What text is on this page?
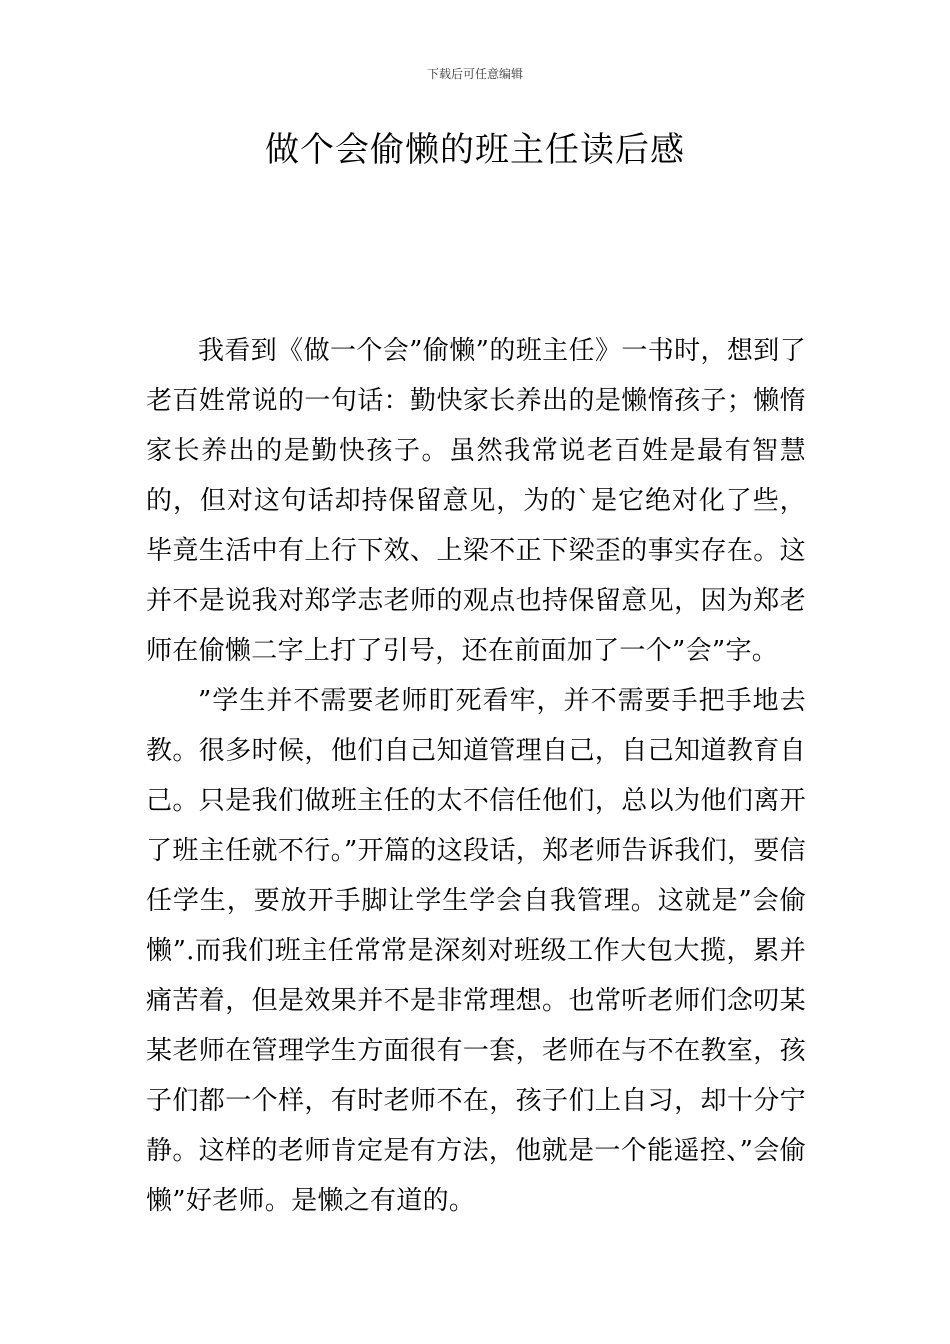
下载后可任意编辑
做个会偷懒的班主任读后感

我看到《做一个会”偷懒”的班主任》一书时，想到了老百姓常说的一句话：勤快家长养出的是懒惰孩子；懒惰家长养出的是勤快孩子。虽然我常说老百姓是最有智慧的，但对这句话却持保留意见，为的`是它绝对化了些，毕竟生活中有上行下效、上梁不正下梁歪的事实存在。这并不是说我对郑学志老师的观点也持保留意见，因为郑老师在偷懒二字上打了引号，还在前面加了一个”会”字。

”学生并不需要老师盯死看牢，并不需要手把手地去教。很多时候，他们自己知道管理自己，自己知道教育自己。只是我们做班主任的太不信任他们，总以为他们离开了班主任就不行。”开篇的这段话，郑老师告诉我们，要信任学生，要放开手脚让学生学会自我管理。这就是”会偷懒”.而我们班主任常常是深刻对班级工作大包大揽，累并痛苦着，但是效果并不是非常理想。也常听老师们念叨某某老师在管理学生方面很有一套，老师在与不在教室，孩子们都一个样，有时老师不在，孩子们上自习，却十分宁静。这样的老师肯定是有方法，他就是一个能遥控、”会偷懒”好老师。是懒之有道的。
